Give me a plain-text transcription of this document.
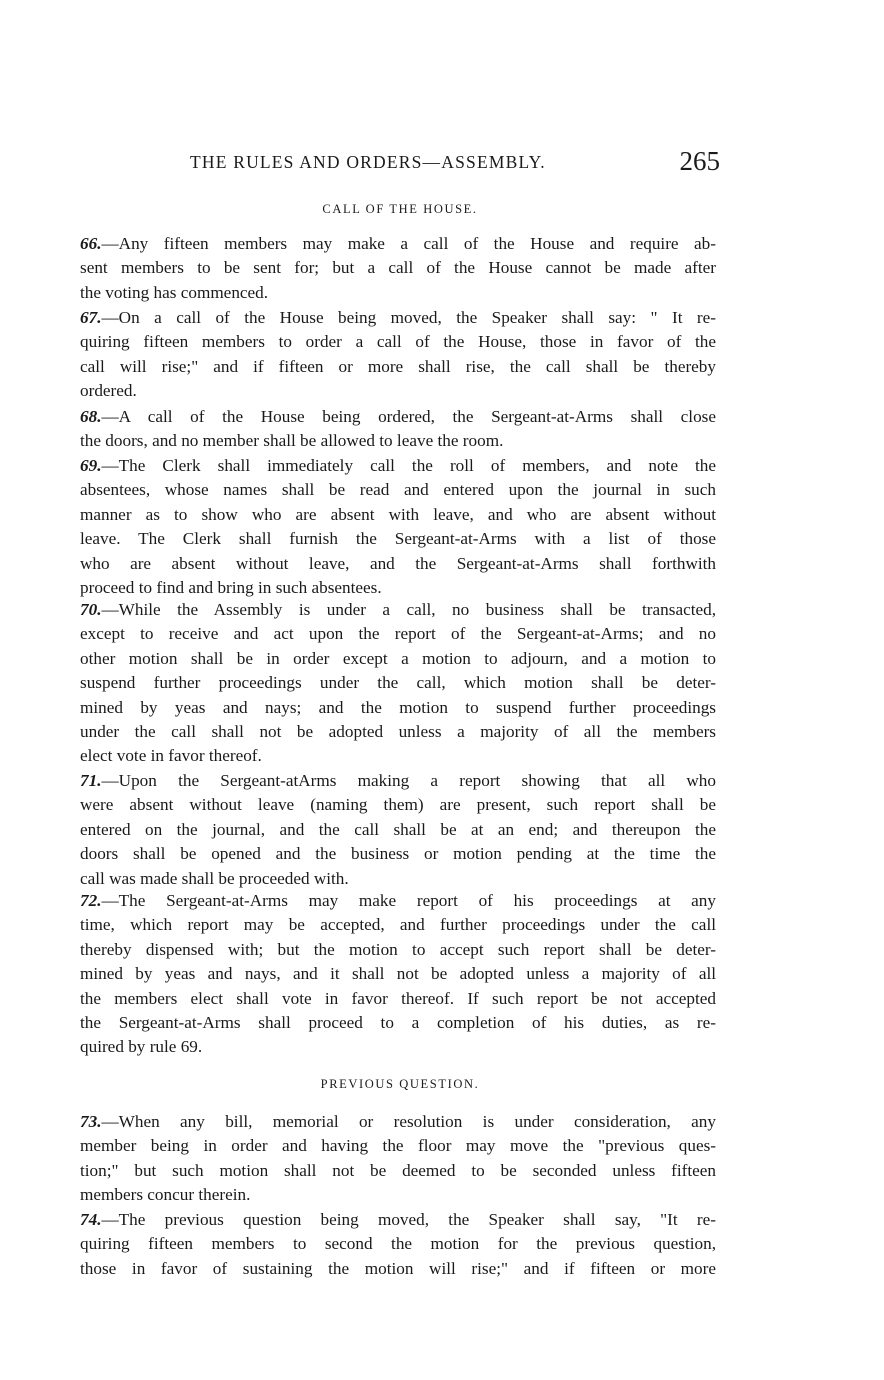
THE RULES AND ORDERS—ASSEMBLY.	265
CALL OF THE HOUSE.
66.—Any fifteen members may make a call of the House and require ab-
sent members to be sent for; but a call of the House cannot be made after
the voting has commenced.
67.—On a call of the House being moved, the Speaker shall say: " It re-
quiring fifteen members to order a call of the House, those in favor of the
call will rise;" and if fifteen or more shall rise, the call shall be thereby
ordered.
68.—A call of the House being ordered, the Sergeant-at-Arms shall close
the doors, and no member shall be allowed to leave the room.
69.—The Clerk shall immediately call the roll of members, and note the
absentees, whose names shall be read and entered upon the journal in such
manner as to show who are absent with leave, and who are absent without
leave. The Clerk shall furnish the Sergeant-at-Arms with a list of those
who are absent without leave, and the Sergeant-at-Arms shall forthwith
proceed to find and bring in such absentees.
70.—While the Assembly is under a call, no business shall be transacted,
except to receive and act upon the report of the Sergeant-at-Arms; and no
other motion shall be in order except a motion to adjourn, and a motion to
suspend further proceedings under the call, which motion shall be deter-
mined by yeas and nays; and the motion to suspend further proceedings
under the call shall not be adopted unless a majority of all the members
elect vote in favor thereof.
71.—Upon the Sergeant-atArms making a report showing that all who
were absent without leave (naming them) are present, such report shall be
entered on the journal, and the call shall be at an end; and thereupon the
doors shall be opened and the business or motion pending at the time the
call was made shall be proceeded with.
72.—The Sergeant-at-Arms may make report of his proceedings at any
time, which report may be accepted, and further proceedings under the call
thereby dispensed with; but the motion to accept such report shall be deter-
mined by yeas and nays, and it shall not be adopted unless a majority of all
the members elect shall vote in favor thereof. If such report be not accepted
the Sergeant-at-Arms shall proceed to a completion of his duties, as re-
quired by rule 69.
PREVIOUS QUESTION.
73.—When any bill, memorial or resolution is under consideration, any
member being in order and having the floor may move the "previous ques-
tion;" but such motion shall not be deemed to be seconded unless fifteen
members concur therein.
74.—The previous question being moved, the Speaker shall say, "It re-
quiring fifteen members to second the motion for the previous question,
those in favor of sustaining the motion will rise;" and if fifteen or more
